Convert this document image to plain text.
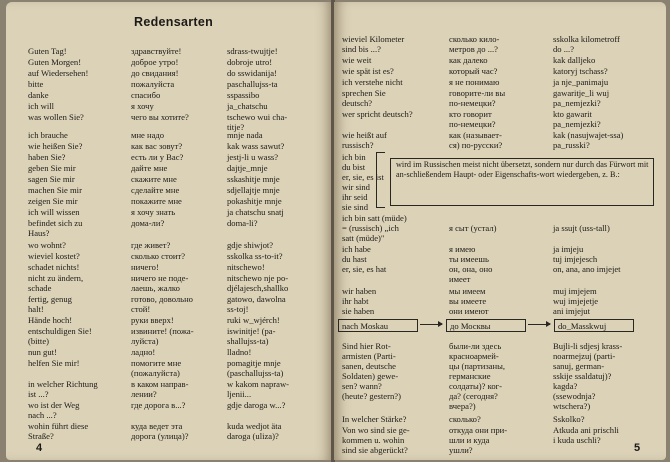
Redensarten
Guten Tag!
Guten Morgen!
auf Wiedersehen!
bitte
danke
ich will
was wollen Sie?
ich brauche
wie heißen Sie?
haben Sie?
geben Sie mir
sagen Sie mir
machen Sie mir
zeigen Sie mir
ich will wissen
befindet sich zu
Haus?
wo wohnt?
wieviel kostet?
schadet nichts!
nicht zu ändern,
schade
fertig, genug
halt!
Hände hoch!
entschuldigen Sie!
(bitte)
nun gut!
helfen Sie mir!
in welcher Richtung
ist ...?
wo ist der Weg
nach ...?
wohin führt diese
Straße?
здравствуйте!
доброе утро!
до свидания!
пожалуйста
спасибо
я хочу
чего вы хотите?
мне надо
как вас зовут?
есть ли у Вас?
дайте мне
скажите мне
сделайте мне
покажите мне
я хочу знать
дома-ли?
где живет?
сколько стоит?
ничего!
ничего не поде-
лаешь, жалко
готово, довольно
стой!
руки вверх!
извините! (пожа-
луйста)
ладно!
помогите мне
(пожалуйста)
в каком направ-
лении?
где дорога в...?
куда ведет эта
дорога (улица)?
sdrass-twujtje!
dobroje utro!
do sswidanija!
paschallujss-ta
sspassibo
ja_chatschu
tschewo wui cha-
titje?
mnje nada
kak wass sawut?
jestj-li u wass?
dajtje_mnje
sskashitje mnje
sdjellajtje mnje
pokashitje mnje
ja chatschu snatj
doma-li?
gdje shiwjot?
sskolka ss-to-it?
nitschewo!
nitschewo nje po-
djélajesch,shallko
gatowo, dawolna
ss-toj!
ruki w_wjérch!
iswinitje! (pa-
shallujss-ta)
lladno!
pomagitje mnje
(paschallujss-ta)
w kakom napraw-
ljenii...
gdje daroga w...?
kuda wedjot äta
daroga (uliza)?
4
wieviel Kilometer
sind bis ...?
wie weit
wie spät ist es?
ich verstehe nicht
sprechen Sie
deutsch?
wer spricht deutsch?
wie heißt auf
russisch?
ich bin
du bist
er, sie, es ist
wir sind
ihr seid
sie sind
ich bin satt (müde)
= (russisch) „ich
satt (müde)"
ich habe
du hast
er, sie, es hat
wir haben
ihr habt
sie haben
Sind hier Rot-
armisten (Parti-
sanen, deutsche
Soldaten) gewe-
sen? wann?
(heute? gestern?)
In welcher Stärke?
Von wo sind sie ge-
kommen u. wohin
sind sie abgerückt?
сколько кило-
метров до ...?
как далеко
который час?
я не понимаю
говорите-ли вы
по-немецки?
кто говорит
по-немецки?
как (называет-
ся) по-русски?
я сыт (устал)
я имею
ты имеешь
он, она, оно
имеет
мы имеем
вы имеете
они имеют
были-ли здесь
красноармей-
цы (партизаны,
германские
солдаты)? ког-
да? (сегодня?
вчера?)
сколько?
откуда они при-
шли и куда
ушли?
sskolka kilometroff
do ...?
kak dalljeko
katorуj tschass?
ja nje_panimaju
gawaritje_li wuj
pa_nemjezki?
kto gawarit
pa_nemjezki?
kak (nasujwajet-ssa)
pa_russki?
ja ssujt (uss-tall)
ja imjeju
tuj imjejesch
on, ana, ano imjejet
muj imjejem
wuj imjejetje
ani imjejut
Bujli-li sdjesj krass-
noarmejzuj (parti-
sanuj, german-
sskije ssaldatuj)?
kagda?
(ssewodnja?
wtschera?)
Sskolko?
Atkuda ani prischli
i kuda uschli?
wird im Russischen meist nicht übersetzt, sondern nur durch das Fürwort mit an-schließendem Haupt- oder Eigenschafts-wort wiedergeben, z. B.:
nach Moskau	до Москвы	do_Masskwuj
5
